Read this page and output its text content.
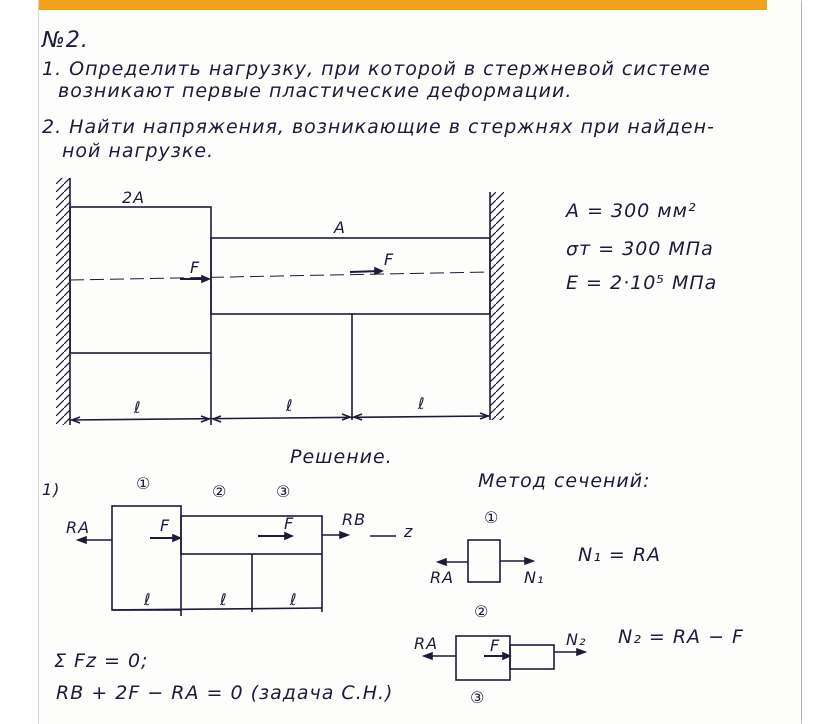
№2.
1. Определить нагрузку, при которой в стержневой системе
возникают первые пластические деформации.
2. Найти напряжения, возникающие в стержнях при найден-
ной нагрузке.
2A
A
F	F
ℓ	ℓ	ℓ
A = 300 мм²
σт = 300 МПа
E = 2·10⁵ МПа
Решение.
1)	①	②	③
RA	RB
F	F	z
ℓ	ℓ	ℓ
Σ Fz = 0;
RB + 2F − RA = 0 (задача С.Н.)
Метод сечений:
①
RA	N₁
N₁ = RA
②
RA	F	N₂ N₂ = RA − F
③
